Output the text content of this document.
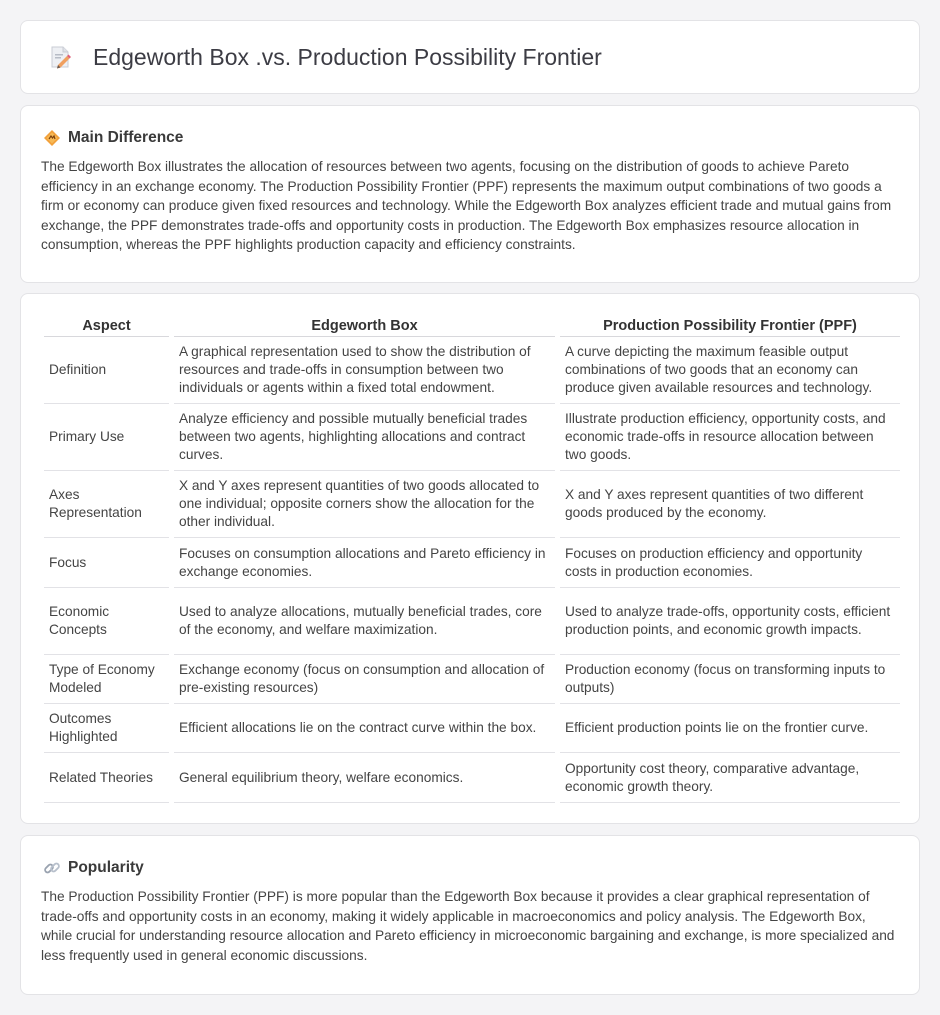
Edgeworth Box .vs. Production Possibility Frontier
Main Difference

The Edgeworth Box illustrates the allocation of resources between two agents, focusing on the distribution of goods to achieve Pareto efficiency in an exchange economy. The Production Possibility Frontier (PPF) represents the maximum output combinations of two goods a firm or economy can produce given fixed resources and technology. While the Edgeworth Box analyzes efficient trade and mutual gains from exchange, the PPF demonstrates trade-offs and opportunity costs in production. The Edgeworth Box emphasizes resource allocation in consumption, whereas the PPF highlights production capacity and efficiency constraints.

Aspect	Edgeworth Box	Production Possibility Frontier (PPF)
Definition	A graphical representation used to show the distribution of resources and trade-offs in consumption between two individuals or agents within a fixed total endowment.	A curve depicting the maximum feasible output combinations of two goods that an economy can produce given available resources and technology.
Primary Use	Analyze efficiency and possible mutually beneficial trades between two agents, highlighting allocations and contract curves.	Illustrate production efficiency, opportunity costs, and economic trade-offs in resource allocation between two goods.
Axes Representation	X and Y axes represent quantities of two goods allocated to one individual; opposite corners show the allocation for the other individual.	X and Y axes represent quantities of two different goods produced by the economy.
Focus	Focuses on consumption allocations and Pareto efficiency in exchange economies.	Focuses on production efficiency and opportunity costs in production economies.
Economic Concepts	Used to analyze allocations, mutually beneficial trades, core of the economy, and welfare maximization.	Used to analyze trade-offs, opportunity costs, efficient production points, and economic growth impacts.
Type of Economy Modeled	Exchange economy (focus on consumption and allocation of pre-existing resources)	Production economy (focus on transforming inputs to outputs)
Outcomes Highlighted	Efficient allocations lie on the contract curve within the box.	Efficient production points lie on the frontier curve.
Related Theories	General equilibrium theory, welfare economics.	Opportunity cost theory, comparative advantage, economic growth theory.
Popularity

The Production Possibility Frontier (PPF) is more popular than the Edgeworth Box because it provides a clear graphical representation of trade-offs and opportunity costs in an economy, making it widely applicable in macroeconomics and policy analysis. The Edgeworth Box, while crucial for understanding resource allocation and Pareto efficiency in microeconomic bargaining and exchange, is more specialized and less frequently used in general economic discussions.
